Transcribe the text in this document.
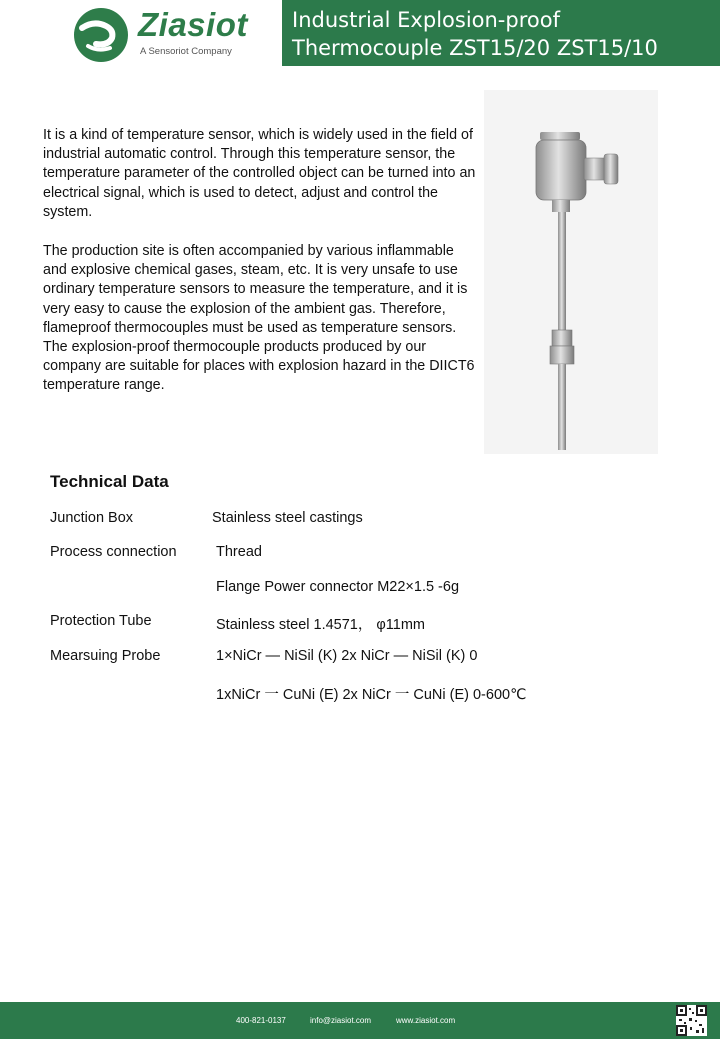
Ziasiot
A Sensoriot Company
Industrial Explosion-proof
Thermocouple ZST15/20 ZST15/10

It is a kind of temperature sensor, which is widely used in the field of industrial automatic control. Through this temperature sensor, the temperature parameter of the controlled object can be turned into an electrical signal, which is used to detect, adjust and control the system.

The production site is often accompanied by various inflammable and explosive chemical gases, steam, etc. It is very unsafe to use ordinary temperature sensors to measure the temperature, and it is very easy to cause the explosion of the ambient gas. Therefore, flameproof thermocouples must be used as temperature sensors. The explosion-proof thermocouple products produced by our company are suitable for places with explosion hazard in the DIICT6 temperature range.

Technical Data
Junction Box	Stainless steel castings
Process connection	Thread
Flange Power connector M22×1.5 -6g
Protection Tube	Stainless steel 1.4571， φ11mm
Mearsuing Probe	1×NiCr — NiSil (K) 2x NiCr — NiSil (K) 0
1xNiCr 一 CuNi (E) 2x NiCr 一 CuNi (E) 0-600℃
400-821-0137	info@ziasiot.com	www.ziasiot.com
